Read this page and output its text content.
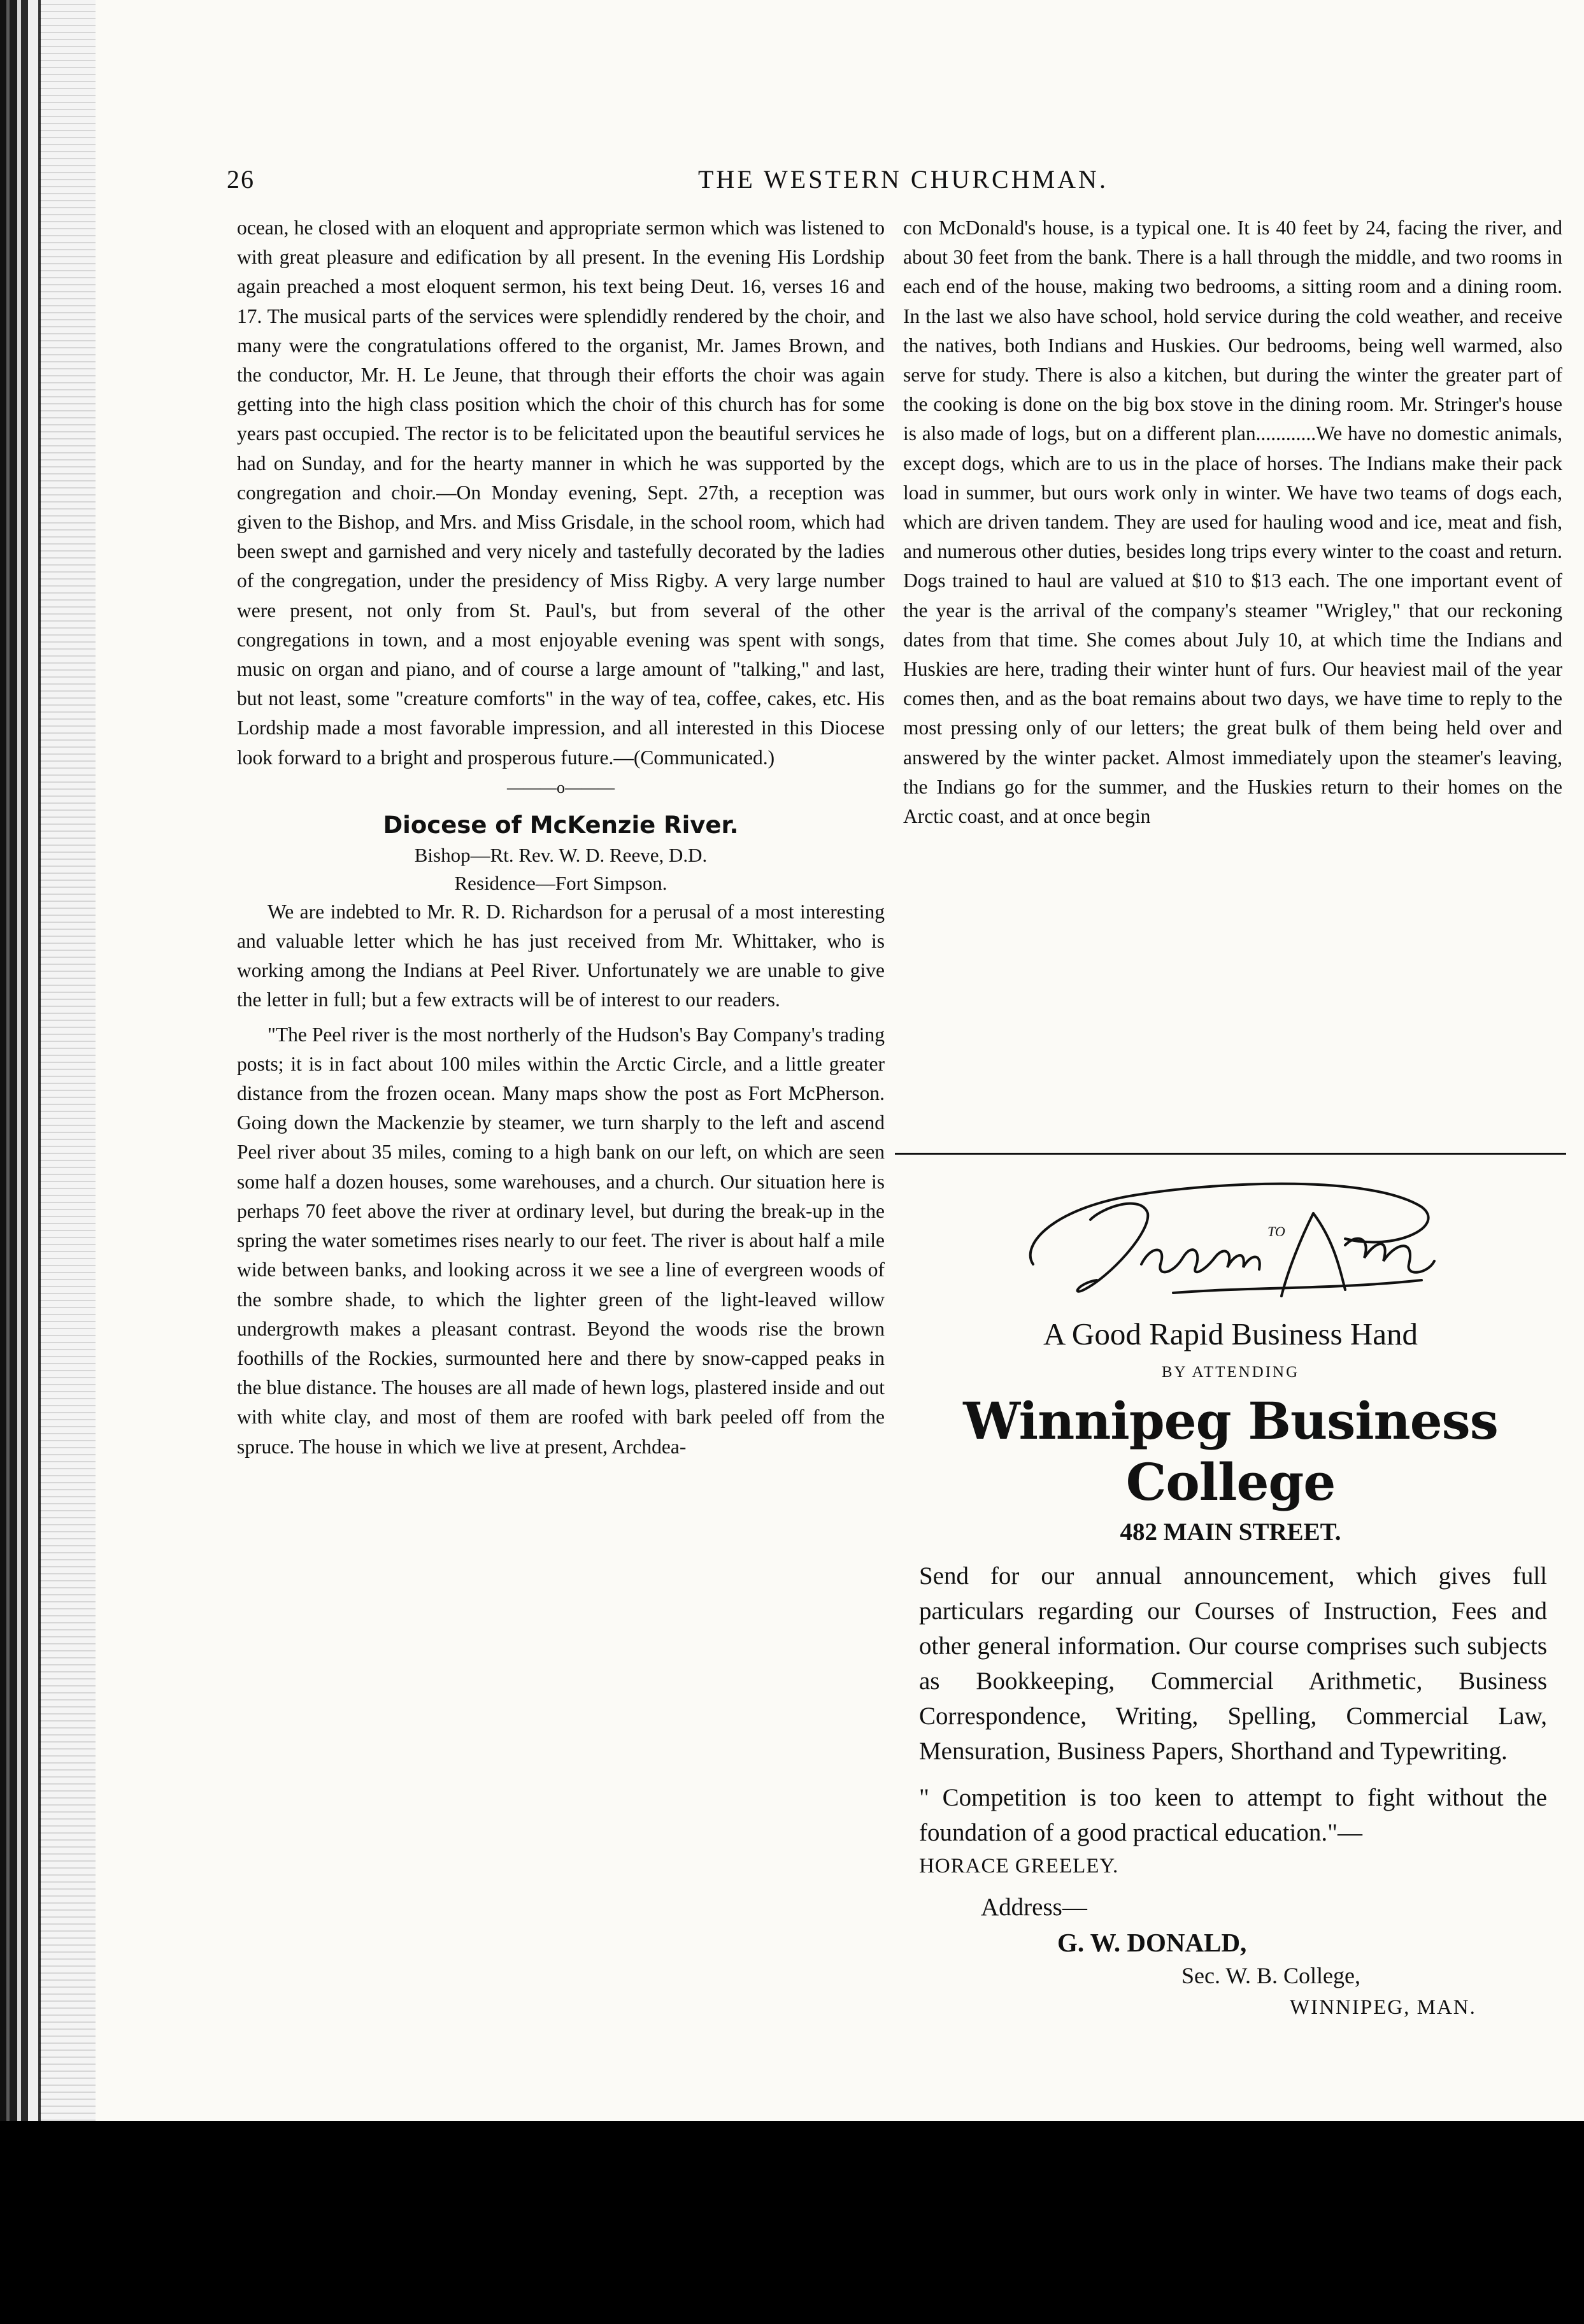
26	THE WESTERN CHURCHMAN.

ocean, he closed with an eloquent and appropriate sermon which was listened to with great pleasure and edification by all present. In the evening His Lordship again preached a most eloquent sermon, his text being Deut. 16, verses 16 and 17. The musical parts of the services were splendidly rendered by the choir, and many were the congratulations offered to the organist, Mr. James Brown, and the conductor, Mr. H. Le Jeune, that through their efforts the choir was again getting into the high class position which the choir of this church has for some years past occupied. The rector is to be felicitated upon the beautiful services he had on Sunday, and for the hearty manner in which he was supported by the congregation and choir.—On Monday evening, Sept. 27th, a reception was given to the Bishop, and Mrs. and Miss Grisdale, in the school room, which had been swept and garnished and very nicely and tastefully decorated by the ladies of the congregation, under the presidency of Miss Rigby. A very large number were present, not only from St. Paul's, but from several of the other congregations in town, and a most enjoyable evening was spent with songs, music on organ and piano, and of course a large amount of "talking," and last, but not least, some "creature comforts" in the way of tea, coffee, cakes, etc. His Lordship made a most favorable impression, and all interested in this Diocese look forward to a bright and prosperous future.—(Communicated.)

———o———

Diocese of McKenzie River.

Bishop—Rt. Rev. W. D. Reeve, D.D.

Residence—Fort Simpson.

We are indebted to Mr. R. D. Richardson for a perusal of a most interesting and valuable letter which he has just received from Mr. Whittaker, who is working among the Indians at Peel River. Unfortunately we are unable to give the letter in full; but a few extracts will be of interest to our readers.

"The Peel river is the most northerly of the Hudson's Bay Company's trading posts; it is in fact about 100 miles within the Arctic Circle, and a little greater distance from the frozen ocean. Many maps show the post as Fort McPherson. Going down the Mackenzie by steamer, we turn sharply to the left and ascend Peel river about 35 miles, coming to a high bank on our left, on which are seen some half a dozen houses, some warehouses, and a church. Our situation here is perhaps 70 feet above the river at ordinary level, but during the break-up in the spring the water sometimes rises nearly to our feet. The river is about half a mile wide between banks, and looking across it we see a line of evergreen woods of the sombre shade, to which the lighter green of the light-leaved willow undergrowth makes a pleasant contrast. Beyond the woods rise the brown foothills of the Rockies, surmounted here and there by snow-capped peaks in the blue distance. The houses are all made of hewn logs, plastered inside and out with white clay, and most of them are roofed with bark peeled off from the spruce. The house in which we live at present, Archdea-

con McDonald's house, is a typical one. It is 40 feet by 24, facing the river, and about 30 feet from the bank. There is a hall through the middle, and two rooms in each end of the house, making two bedrooms, a sitting room and a dining room. In the last we also have school, hold service during the cold weather, and receive the natives, both Indians and Huskies. Our bedrooms, being well warmed, also serve for study. There is also a kitchen, but during the winter the greater part of the cooking is done on the big box stove in the dining room. Mr. Stringer's house is also made of logs, but on a different plan............We have no domestic animals, except dogs, which are to us in the place of horses. The Indians make their pack load in summer, but ours work only in winter. We have two teams of dogs each, which are driven tandem. They are used for hauling wood and ice, meat and fish, and numerous other duties, besides long trips every winter to the coast and return. Dogs trained to haul are valued at $10 to $13 each. The one important event of the year is the arrival of the company's steamer "Wrigley," that our reckoning dates from that time. She comes about July 10, at which time the Indians and Huskies are here, trading their winter hunt of furs. Our heaviest mail of the year comes then, and as the boat remains about two days, we have time to reply to the most pressing only of our letters; the great bulk of them being held over and answered by the winter packet. Almost immediately upon the steamer's leaving, the Indians go for the summer, and the Huskies return to their homes on the Arctic coast, and at once begin

TO

A Good Rapid Business Hand

BY ATTENDING

Winnipeg Business College

482 MAIN STREET.

Send for our annual announcement, which gives full particulars regarding our Courses of Instruction, Fees and other general information. Our course comprises such subjects as Bookkeeping, Commercial Arithmetic, Business Correspondence, Writing, Spelling, Commercial Law, Mensuration, Business Papers, Shorthand and Typewriting.

" Competition is too keen to attempt to fight without the foundation of a good practical education."—

HORACE GREELEY.

Address—

G. W. DONALD,

Sec. W. B. College,

WINNIPEG, MAN.
